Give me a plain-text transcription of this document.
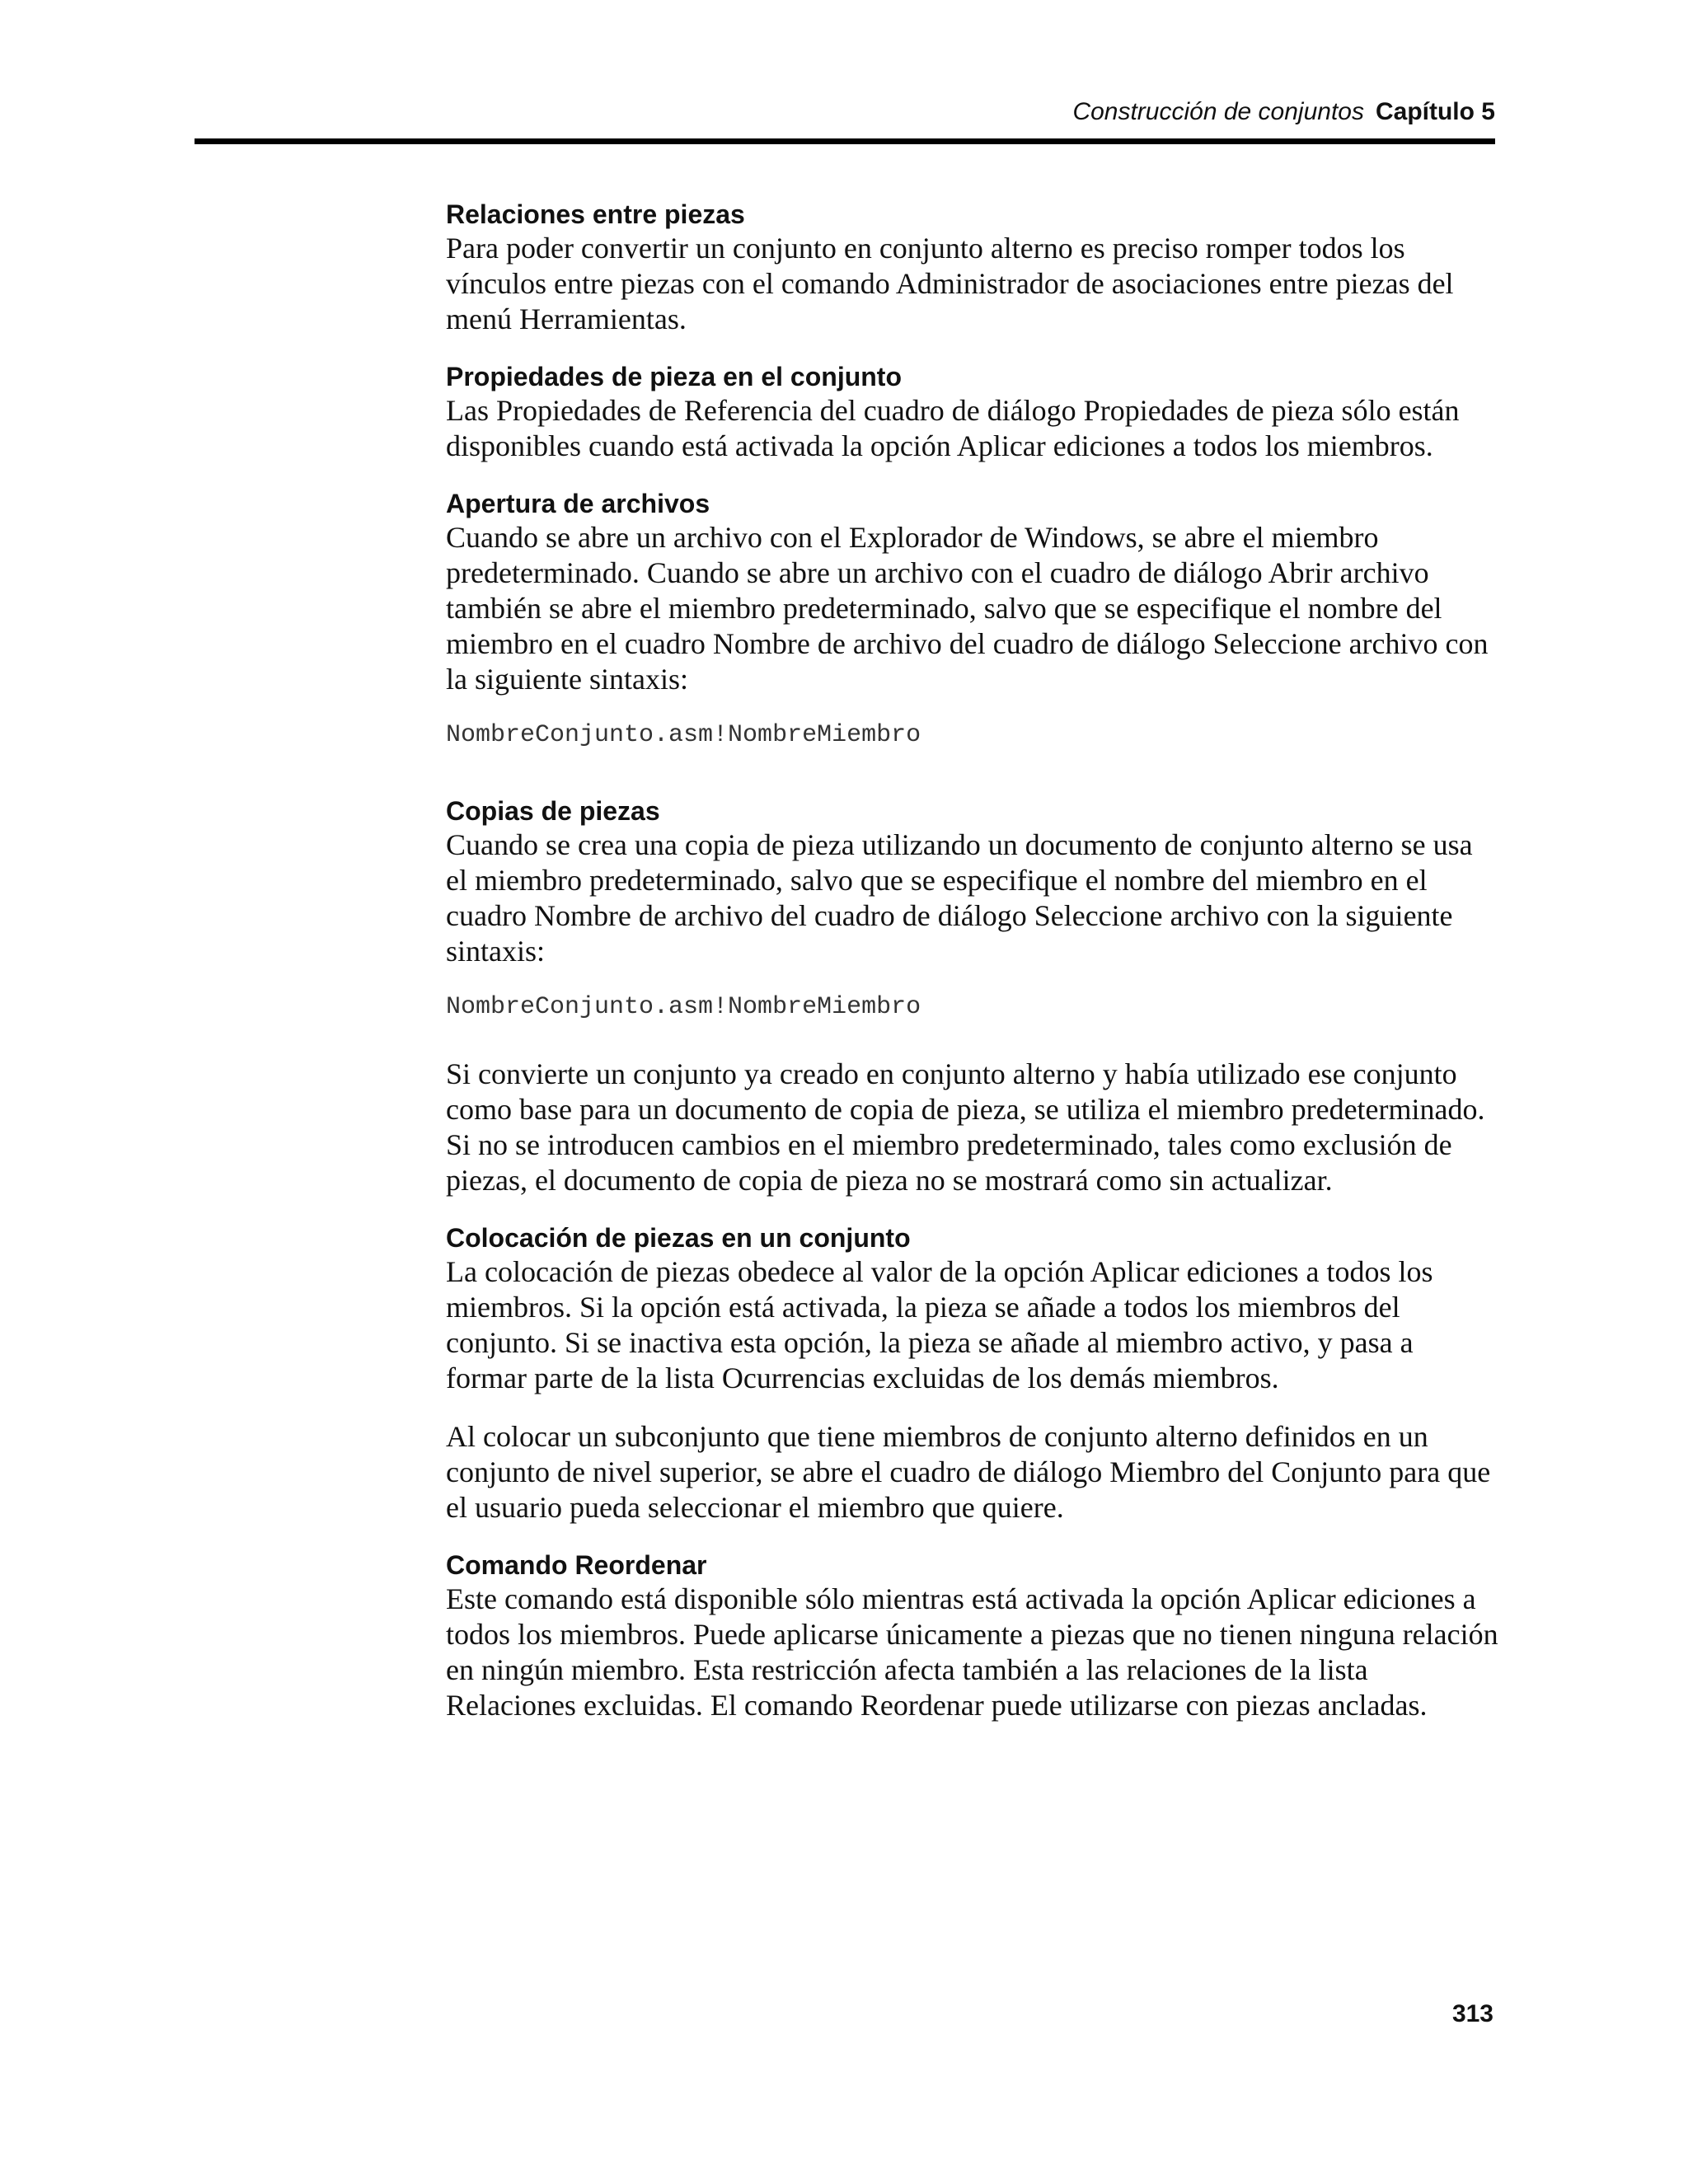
Construcción de conjuntos Capítulo 5
Relaciones entre piezas

Para poder convertir un conjunto en conjunto alterno es preciso romper todos los vínculos entre piezas con el comando Administrador de asociaciones entre piezas del menú Herramientas.

Propiedades de pieza en el conjunto

Las Propiedades de Referencia del cuadro de diálogo Propiedades de pieza sólo están disponibles cuando está activada la opción Aplicar ediciones a todos los miembros.

Apertura de archivos

Cuando se abre un archivo con el Explorador de Windows, se abre el miembro predeterminado. Cuando se abre un archivo con el cuadro de diálogo Abrir archivo también se abre el miembro predeterminado, salvo que se especifique el nombre del miembro en el cuadro Nombre de archivo del cuadro de diálogo Seleccione archivo con la siguiente sintaxis:

NombreConjunto.asm!NombreMiembro

Copias de piezas

Cuando se crea una copia de pieza utilizando un documento de conjunto alterno se usa el miembro predeterminado, salvo que se especifique el nombre del miembro en el cuadro Nombre de archivo del cuadro de diálogo Seleccione archivo con la siguiente sintaxis:

NombreConjunto.asm!NombreMiembro

Si convierte un conjunto ya creado en conjunto alterno y había utilizado ese conjunto como base para un documento de copia de pieza, se utiliza el miembro predeterminado. Si no se introducen cambios en el miembro predeterminado, tales como exclusión de piezas, el documento de copia de pieza no se mostrará como sin actualizar.

Colocación de piezas en un conjunto

La colocación de piezas obedece al valor de la opción Aplicar ediciones a todos los miembros. Si la opción está activada, la pieza se añade a todos los miembros del conjunto. Si se inactiva esta opción, la pieza se añade al miembro activo, y pasa a formar parte de la lista Ocurrencias excluidas de los demás miembros.

Al colocar un subconjunto que tiene miembros de conjunto alterno definidos en un conjunto de nivel superior, se abre el cuadro de diálogo Miembro del Conjunto para que el usuario pueda seleccionar el miembro que quiere.

Comando Reordenar

Este comando está disponible sólo mientras está activada la opción Aplicar ediciones a todos los miembros. Puede aplicarse únicamente a piezas que no tienen ninguna relación en ningún miembro. Esta restricción afecta también a las relaciones de la lista Relaciones excluidas. El comando Reordenar puede utilizarse con piezas ancladas.

313
